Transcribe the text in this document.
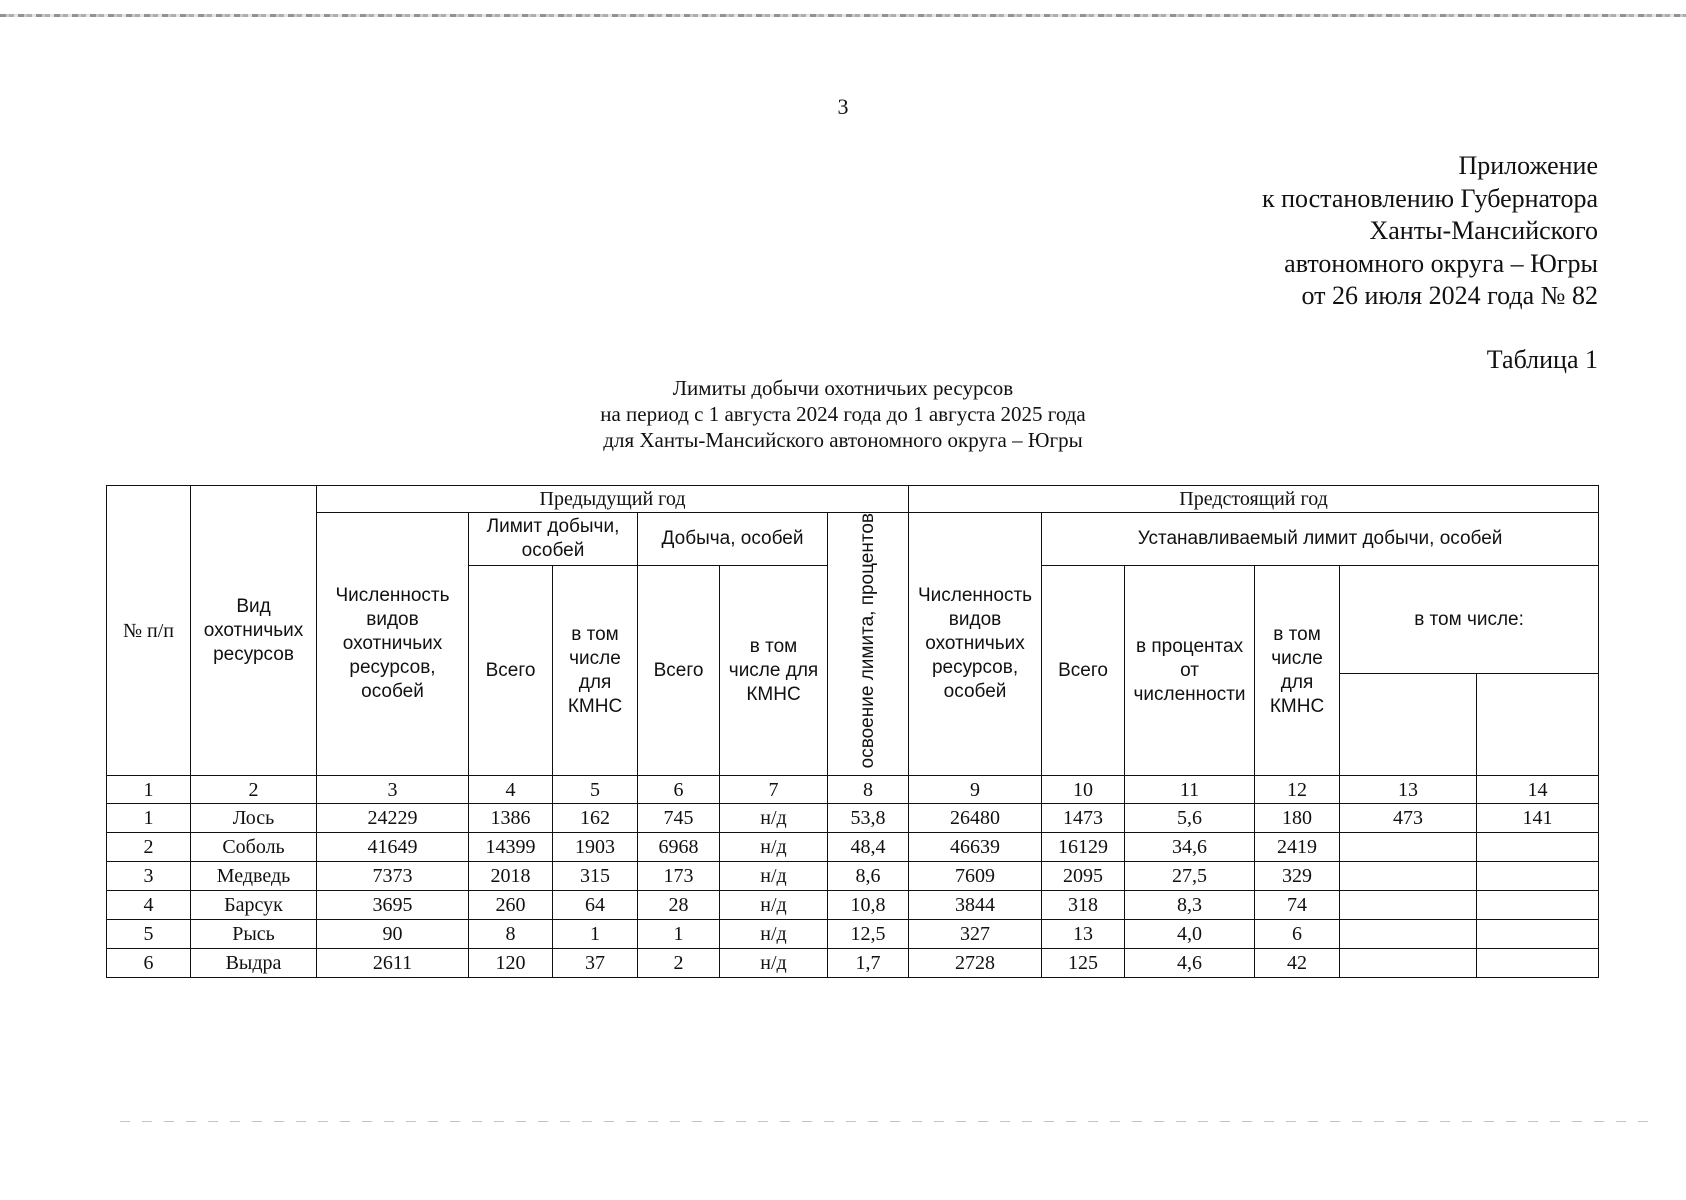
3
Приложение
к постановлению Губернатора
Ханты-Мансийского
автономного округа – Югры
от 26 июля 2024 года № 82
Таблица 1
Лимиты добычи охотничьих ресурсов
на период с 1 августа 2024 года до 1 августа 2025 года
для Ханты-Мансийского автономного округа – Югры
№ п/п	Вид охотничьих ресурсов	Предыдущий год						Предстоящий год					
		Численность видов охотничьих ресурсов, особей	Лимит добычи, особей		Добыча, особей		освоение лимита, процентов	Численность видов охотничьих ресурсов, особей	Устанавливаемый лимит добычи, особей				
			Всего	в том числе для КМНС	Всего	в том числе для КМНС			Всего	в процентах от численности	в том числе для КМНС	в том числе:	

1	2	3	4	5	6	7	8	9	10	11	12	13	14
1	Лось	24229	1386	162	745	н/д	53,8	26480	1473	5,6	180	473	141
2	Соболь	41649	14399	1903	6968	н/д	48,4	46639	16129	34,6	2419		
3	Медведь	7373	2018	315	173	н/д	8,6	7609	2095	27,5	329		
4	Барсук	3695	260	64	28	н/д	10,8	3844	318	8,3	74		
5	Рысь	90	8	1	1	н/д	12,5	327	13	4,0	6		
6	Выдра	2611	120	37	2	н/д	1,7	2728	125	4,6	42		
